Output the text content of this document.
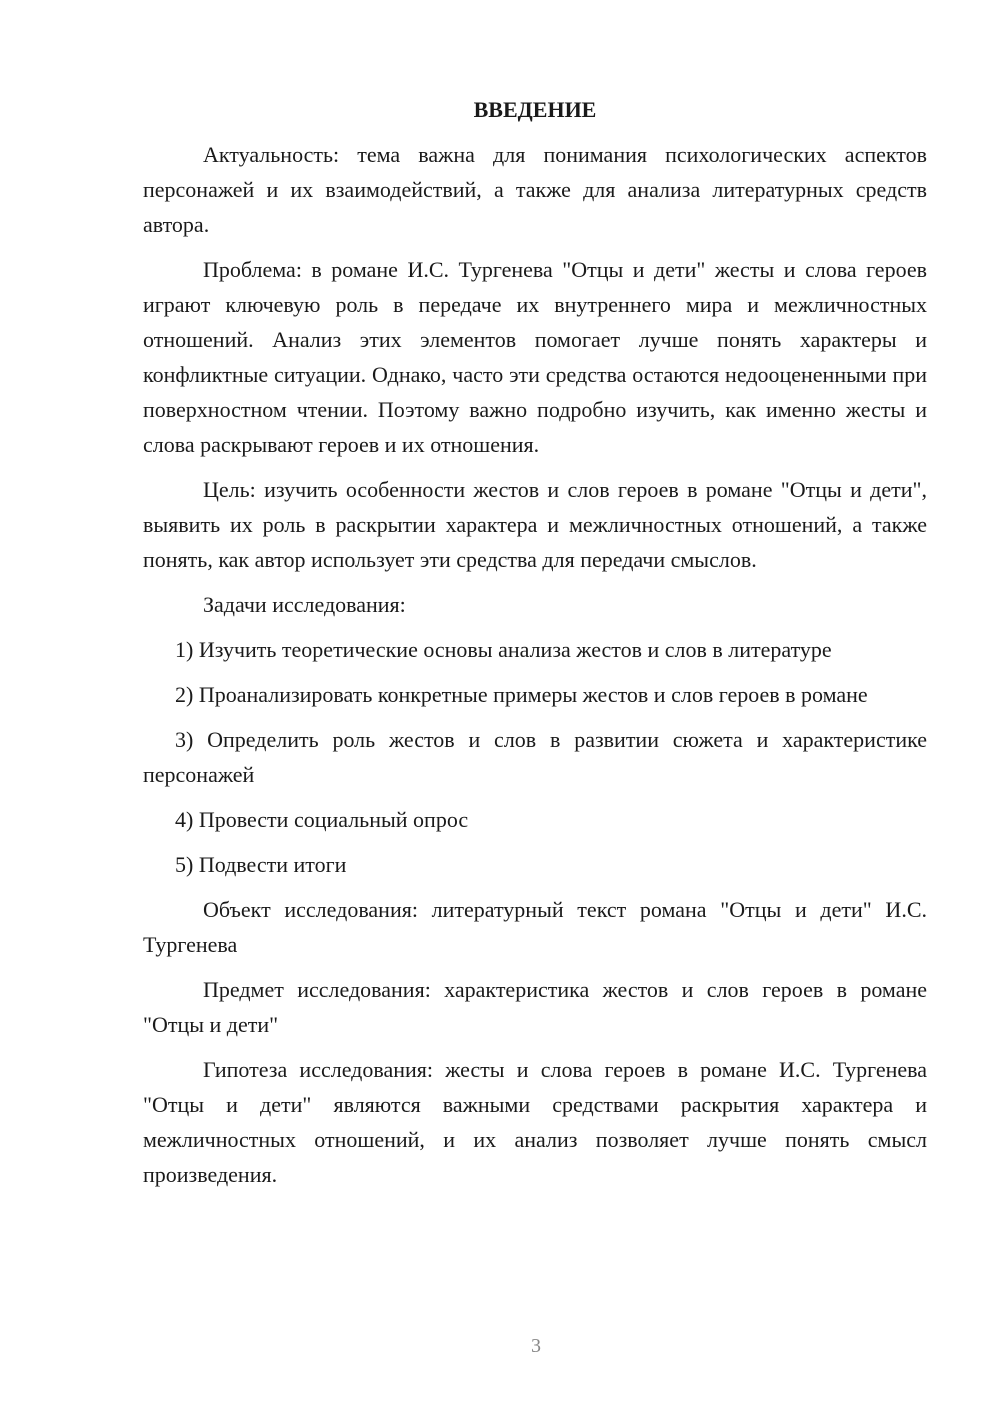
ВВЕДЕНИЕ

Актуальность: тема важна для понимания психологических аспектов персонажей и их взаимодействий, а также для анализа литературных средств автора.

Проблема: в романе И.С. Тургенева "Отцы и дети" жесты и слова героев играют ключевую роль в передаче их внутреннего мира и межличностных отношений. Анализ этих элементов помогает лучше понять характеры и конфликтные ситуации. Однако, часто эти средства остаются недооцененными при поверхностном чтении. Поэтому важно подробно изучить, как именно жесты и слова раскрывают героев и их отношения.

Цель: изучить особенности жестов и слов героев в романе "Отцы и дети", выявить их роль в раскрытии характера и межличностных отношений, а также понять, как автор использует эти средства для передачи смыслов.

Задачи исследования:

1) Изучить теоретические основы анализа жестов и слов в литературе

2) Проанализировать конкретные примеры жестов и слов героев в романе

3) Определить роль жестов и слов в развитии сюжета и характеристике персонажей

4) Провести социальный опрос

5) Подвести итоги

Объект исследования: литературный текст романа "Отцы и дети" И.С. Тургенева

Предмет исследования: характеристика жестов и слов героев в романе "Отцы и дети"

Гипотеза исследования: жесты и слова героев в романе И.С. Тургенева "Отцы и дети" являются важными средствами раскрытия характера и межличностных отношений, и их анализ позволяет лучше понять смысл произведения.

3
